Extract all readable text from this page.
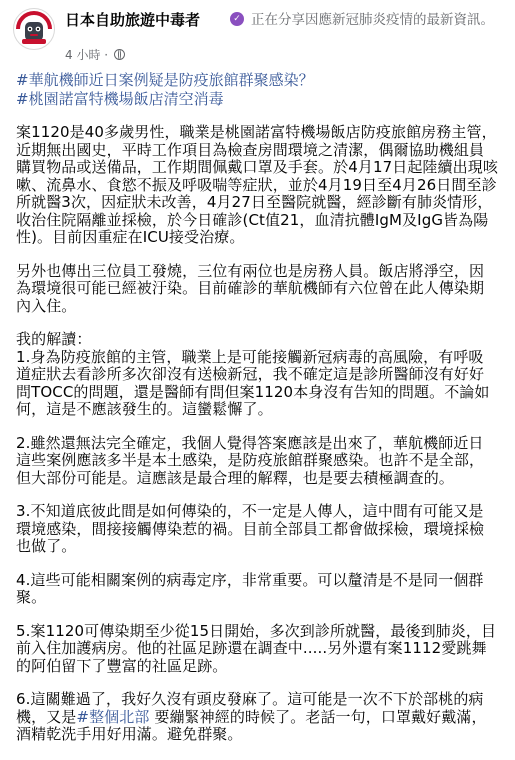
日本自助旅遊中毒者	✓ 正在分享因應新冠肺炎疫情的最新資訊。
4 小時 ·
#華航機師近日案例疑是防疫旅館群聚感染？
#桃園諾富特機場飯店清空消毒

案1120是40多歲男性，職業是桃園諾富特機場飯店防疫旅館房務主管，近期無出國史，平時工作項目為檢查房間環境之清潔，偶爾協助機組員購買物品或送備品，工作期間佩戴口罩及手套。於4月17日起陸續出現咳嗽、流鼻水、食慾不振及呼吸喘等症狀，並於4月19日至4月26日間至診所就醫3次，因症狀未改善，4月27日至醫院就醫，經診斷有肺炎情形，收治住院隔離並採檢，於今日確診(Ct值21，血清抗體IgM及IgG皆為陽性)。目前因重症在ICU接受治療。

另外也傳出三位員工發燒，三位有兩位也是房務人員。飯店將淨空，因為環境很可能已經被汙染。目前確診的華航機師有六位曾在此人傳染期內入住。

我的解讀：

1.身為防疫旅館的主管，職業上是可能接觸新冠病毒的高風險，有呼吸道症狀去看診所多次卻沒有送檢新冠，我不確定這是診所醫師沒有好好問TOCC的問題，還是醫師有問但案1120本身沒有告知的問題。不論如何，這是不應該發生的。這蠻鬆懈了。

2.雖然還無法完全確定，我個人覺得答案應該是出來了，華航機師近日這些案例應該多半是本土感染，是防疫旅館群聚感染。也許不是全部，但大部份可能是。這應該是最合理的解釋，也是要去積極調查的。

3.不知道底彼此間是如何傳染的，不一定是人傳人，這中間有可能又是環境感染，間接接觸傳染惹的禍。目前全部員工都會做採檢，環境採檢也做了。

4.這些可能相關案例的病毒定序，非常重要。可以釐清是不是同一個群聚。

5.案1120可傳染期至少從15日開始，多次到診所就醫，最後到肺炎，目前入住加護病房。他的社區足跡還在調查中.....另外還有案1112愛跳舞的阿伯留下了豐富的社區足跡。

6.這關難過了，我好久沒有頭皮發麻了。這可能是一次不下於部桃的病機，又是#整個北部 要繃緊神經的時候了。老話一句，口罩戴好戴滿，酒精乾洗手用好用滿。避免群聚。
